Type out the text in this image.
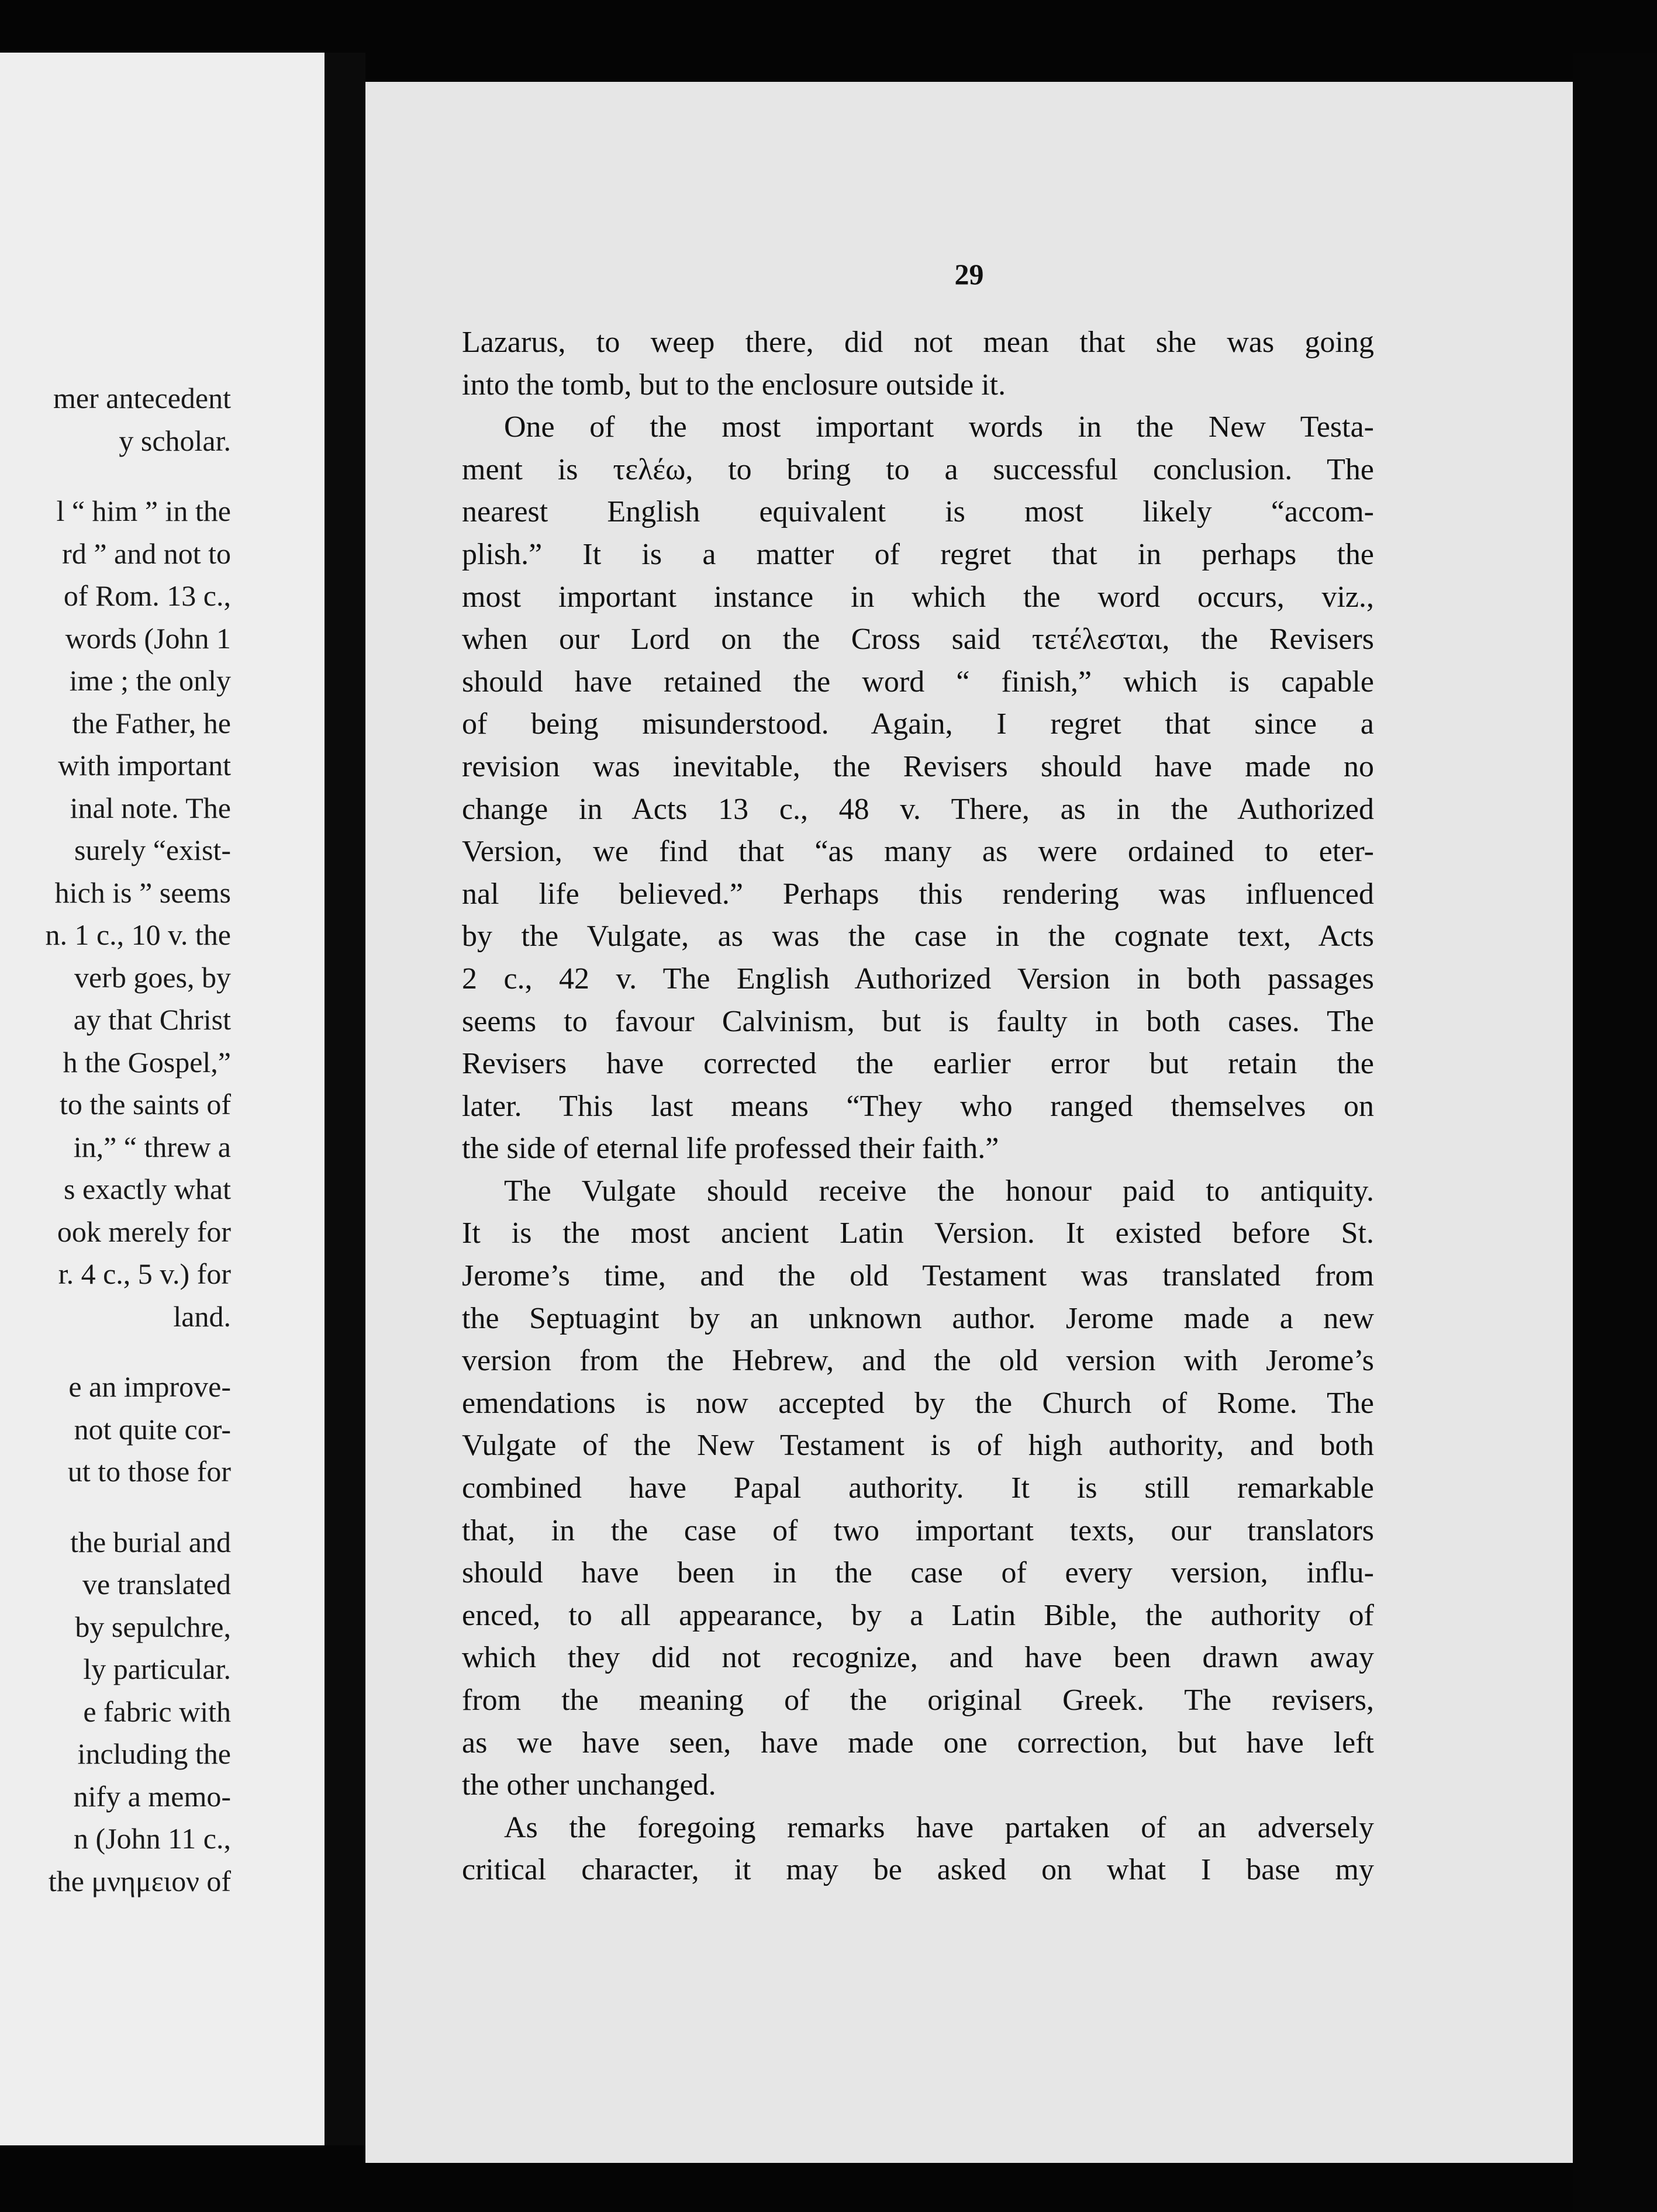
mer antecedent
y scholar.
l “ him ” in the
rd ” and not to
of Rom. 13 c.,
words (John 1
ime ; the only
the Father, he
with important
inal note. The
surely “exist-
hich is ” seems
n. 1 c., 10 v. the
verb goes, by
ay that Christ
h the Gospel,”
to the saints of
in,” “ threw a
s exactly what
ook merely for
r. 4 c., 5 v.) for
land.
e an improve-
not quite cor-
ut to those for
the burial and
ve translated
by sepulchre,
ly particular.
e fabric with
including the
nify a memo-
n (John 11 c.,
the μνημειον of
29
Lazarus, to weep there, did not mean that she was going
into the tomb, but to the enclosure outside it.
One of the most important words in the New Testa-
ment is τελέω, to bring to a successful conclusion. The
nearest English equivalent is most likely “accom-
plish.” It is a matter of regret that in perhaps the
most important instance in which the word occurs, viz.,
when our Lord on the Cross said τετέλεσται, the Revisers
should have retained the word “ finish,” which is capable
of being misunderstood. Again, I regret that since a
revision was inevitable, the Revisers should have made no
change in Acts 13 c., 48 v. There, as in the Authorized
Version, we find that “as many as were ordained to eter-
nal life believed.” Perhaps this rendering was influenced
by the Vulgate, as was the case in the cognate text, Acts
2 c., 42 v. The English Authorized Version in both passages
seems to favour Calvinism, but is faulty in both cases. The
Revisers have corrected the earlier error but retain the
later. This last means “They who ranged themselves on
the side of eternal life professed their faith.”
The Vulgate should receive the honour paid to antiquity.
It is the most ancient Latin Version. It existed before St.
Jerome’s time, and the old Testament was translated from
the Septuagint by an unknown author. Jerome made a new
version from the Hebrew, and the old version with Jerome’s
emendations is now accepted by the Church of Rome. The
Vulgate of the New Testament is of high authority, and both
combined have Papal authority. It is still remarkable
that, in the case of two important texts, our translators
should have been in the case of every version, influ-
enced, to all appearance, by a Latin Bible, the authority of
which they did not recognize, and have been drawn away
from the meaning of the original Greek. The revisers,
as we have seen, have made one correction, but have left
the other unchanged.
As the foregoing remarks have partaken of an adversely
critical character, it may be asked on what I base my
